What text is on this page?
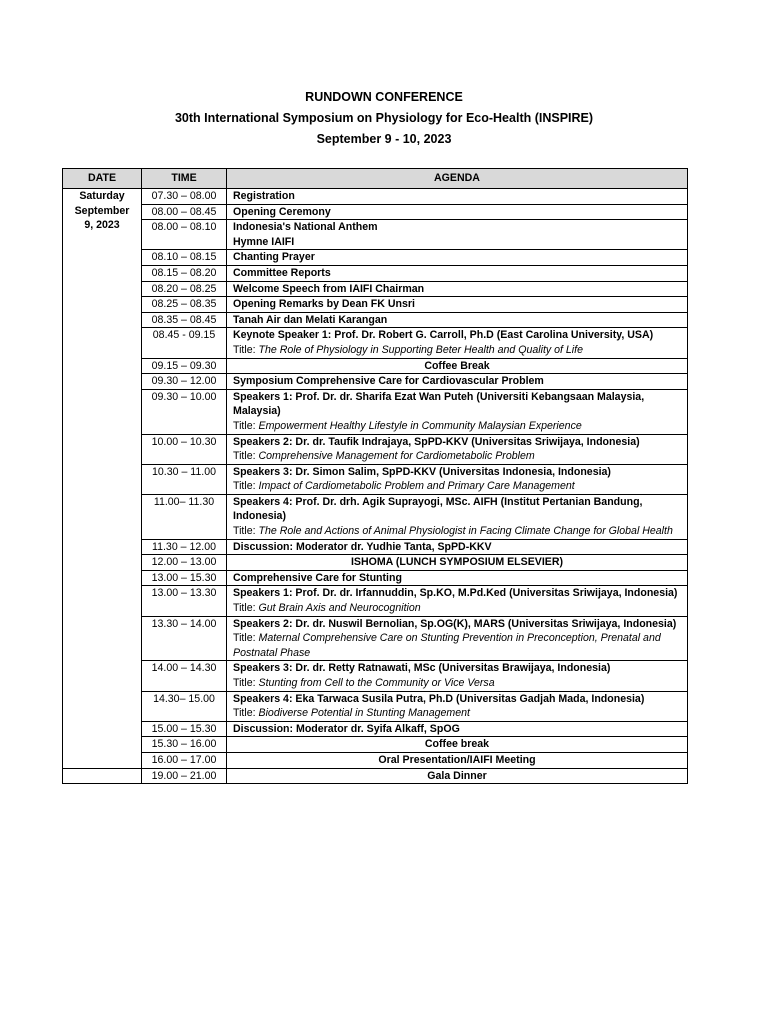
RUNDOWN CONFERENCE
30th International Symposium on Physiology for Eco-Health (INSPIRE)
September 9 - 10, 2023
DATE	TIME	AGENDA
Saturday September 9, 2023	07.30 – 08.00	Registration

	08.00 – 08.45	Opening Ceremony

	08.00 – 08.10	Indonesia's National Anthem
Hymne IAIFI

	08.10 – 08.15	Chanting Prayer

	08.15 – 08.20	Committee Reports

	08.20 – 08.25	Welcome Speech from IAIFI Chairman

	08.25 – 08.35	Opening Remarks by Dean FK Unsri

	08.35 – 08.45	Tanah Air dan Melati Karangan

	08.45 - 09.15	Keynote Speaker 1: Prof. Dr. Robert G. Carroll, Ph.D (East Carolina University, USA)
Title: The Role of Physiology in Supporting Beter Health and Quality of Life

	09.15 – 09.30	Coffee Break

	09.30 – 12.00	Symposium Comprehensive Care for Cardiovascular Problem

	09.30 – 10.00	Speakers 1: Prof. Dr. dr. Sharifa Ezat Wan Puteh (Universiti Kebangsaan Malaysia, Malaysia)
Title: Empowerment Healthy Lifestyle in Community Malaysian Experience

	10.00 – 10.30	Speakers 2: Dr. dr. Taufik Indrajaya, SpPD-KKV (Universitas Sriwijaya, Indonesia)
Title: Comprehensive Management for Cardiometabolic Problem

	10.30 – 11.00	Speakers 3: Dr. Simon Salim, SpPD-KKV (Universitas Indonesia, Indonesia)
Title: Impact of Cardiometabolic Problem and Primary Care Management

	11.00– 11.30	Speakers 4: Prof. Dr. drh. Agik Suprayogi, MSc. AIFH (Institut Pertanian Bandung, Indonesia)
Title: The Role and Actions of Animal Physiologist in Facing Climate Change for Global Health

	11.30 – 12.00	Discussion: Moderator dr. Yudhie Tanta, SpPD-KKV

	12.00 – 13.00	ISHOMA (LUNCH SYMPOSIUM ELSEVIER)

	13.00 – 15.30	Comprehensive Care for Stunting

	13.00 – 13.30	Speakers 1: Prof. Dr. dr. Irfannuddin, Sp.KO, M.Pd.Ked (Universitas Sriwijaya, Indonesia)
Title: Gut Brain Axis and Neurocognition

	13.30 – 14.00	Speakers 2: Dr. dr. Nuswil Bernolian, Sp.OG(K), MARS (Universitas Sriwijaya, Indonesia)
Title: Maternal Comprehensive Care on Stunting Prevention in Preconception, Prenatal and Postnatal Phase

	14.00 – 14.30	Speakers 3: Dr. dr. Retty Ratnawati, MSc (Universitas Brawijaya, Indonesia)
Title: Stunting from Cell to the Community or Vice Versa

	14.30– 15.00	Speakers 4: Eka Tarwaca Susila Putra, Ph.D (Universitas Gadjah Mada, Indonesia)
Title: Biodiverse Potential in Stunting Management

	15.00 – 15.30	Discussion: Moderator dr. Syifa Alkaff, SpOG

	15.30 – 16.00	Coffee break

	16.00 – 17.00	Oral Presentation/IAIFI Meeting

	19.00 – 21.00	Gala Dinner
